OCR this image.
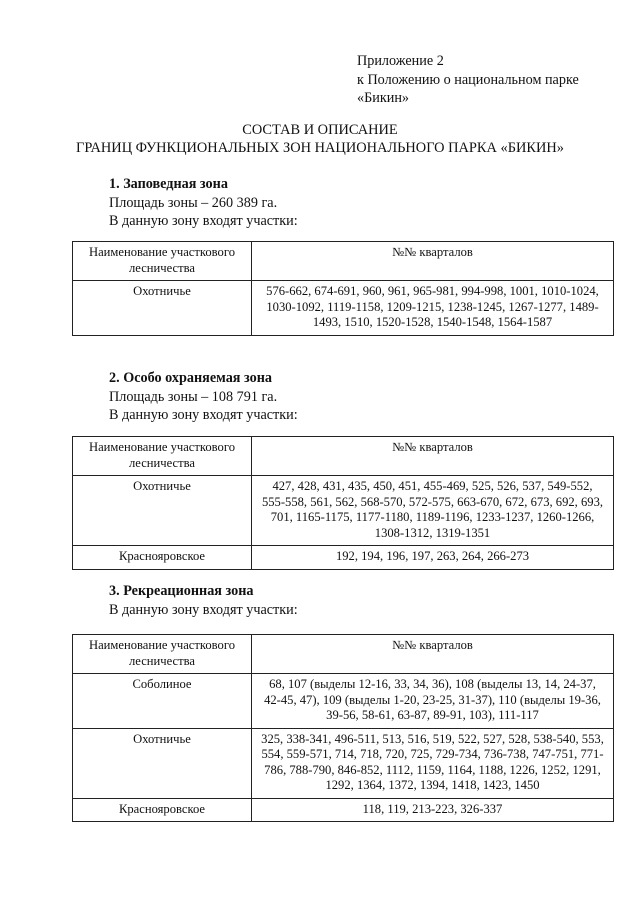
Приложение 2
к Положению о национальном парке
«Бикин»
СОСТАВ И ОПИСАНИЕ
ГРАНИЦ ФУНКЦИОНАЛЬНЫХ ЗОН НАЦИОНАЛЬНОГО ПАРКА «БИКИН»
1. Заповедная зона
Площадь зоны – 260 389 га.
В данную зону входят участки:
Наименование участкового
лесничества	№№ кварталов
Охотничье	576-662, 674-691, 960, 961, 965-981, 994-998, 1001, 1010-1024, 1030-1092, 1119-1158, 1209-1215, 1238-1245, 1267-1277, 1489-1493, 1510, 1520-1528, 1540-1548, 1564-1587
2. Особо охраняемая зона
Площадь зоны – 108 791 га.
В данную зону входят участки:
Наименование участкового
лесничества	№№ кварталов
Охотничье	427, 428, 431, 435, 450, 451, 455-469, 525, 526, 537, 549-552, 555-558, 561, 562, 568-570, 572-575, 663-670, 672, 673, 692, 693, 701, 1165-1175, 1177-1180, 1189-1196, 1233-1237, 1260-1266, 1308-1312, 1319-1351
Краснояровское	192, 194, 196, 197, 263, 264, 266-273
3. Рекреационная зона
В данную зону входят участки:
Наименование участкового
лесничества	№№ кварталов
Соболиное	68, 107 (выделы 12-16, 33, 34, 36), 108 (выделы 13, 14, 24-37, 42-45, 47), 109 (выделы 1-20, 23-25, 31-37), 110 (выделы 19-36, 39-56, 58-61, 63-87, 89-91, 103), 111-117
Охотничье	325, 338-341, 496-511, 513, 516, 519, 522, 527, 528, 538-540, 553, 554, 559-571, 714, 718, 720, 725, 729-734, 736-738, 747-751, 771-786, 788-790, 846-852, 1112, 1159, 1164, 1188, 1226, 1252, 1291, 1292, 1364, 1372, 1394, 1418, 1423, 1450
Краснояровское	118, 119, 213-223, 326-337
